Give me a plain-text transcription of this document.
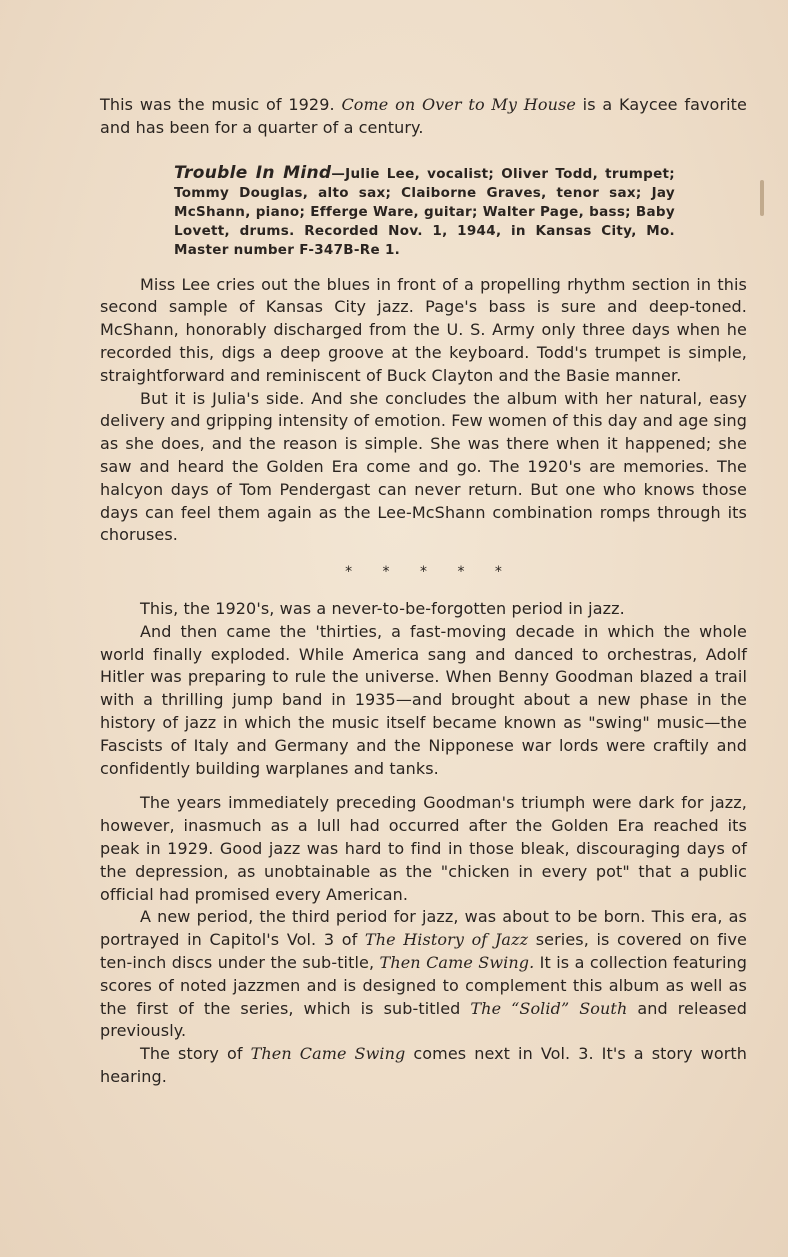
This was the music of 1929. Come on Over to My House is a Kaycee favorite and has been for a quarter of a century.

Trouble In Mind—Julie Lee, vocalist; Oliver Todd, trumpet; Tommy Douglas, alto sax; Claiborne Graves, tenor sax; Jay McShann, piano; Efferge Ware, guitar; Walter Page, bass; Baby Lovett, drums. Recorded Nov. 1, 1944, in Kansas City, Mo. Master number F-347B-Re 1.

Miss Lee cries out the blues in front of a propelling rhythm section in this second sample of Kansas City jazz. Page's bass is sure and deep-toned. McShann, honorably discharged from the U. S. Army only three days when he recorded this, digs a deep groove at the keyboard. Todd's trumpet is simple, straightforward and reminiscent of Buck Clayton and the Basie manner.

But it is Julia's side. And she concludes the album with her natural, easy delivery and gripping intensity of emotion. Few women of this day and age sing as she does, and the reason is simple. She was there when it happened; she saw and heard the Golden Era come and go. The 1920's are memories. The halcyon days of Tom Pendergast can never return. But one who knows those days can feel them again as the Lee-McShann combination romps through its choruses.

* * * * *

This, the 1920's, was a never-to-be-forgotten period in jazz.

And then came the 'thirties, a fast-moving decade in which the whole world finally exploded. While America sang and danced to orchestras, Adolf Hitler was preparing to rule the universe. When Benny Goodman blazed a trail with a thrilling jump band in 1935—and brought about a new phase in the history of jazz in which the music itself became known as "swing" music—the Fascists of Italy and Germany and the Nipponese war lords were craftily and confidently building warplanes and tanks.

The years immediately preceding Goodman's triumph were dark for jazz, however, inasmuch as a lull had occurred after the Golden Era reached its peak in 1929. Good jazz was hard to find in those bleak, discouraging days of the depression, as unobtainable as the "chicken in every pot" that a public official had promised every American.

A new period, the third period for jazz, was about to be born. This era, as portrayed in Capitol's Vol. 3 of The History of Jazz series, is covered on five ten-inch discs under the sub-title, Then Came Swing. It is a collection featuring scores of noted jazzmen and is designed to complement this album as well as the first of the series, which is sub-titled The “Solid” South and released previously.

The story of Then Came Swing comes next in Vol. 3. It's a story worth hearing.
